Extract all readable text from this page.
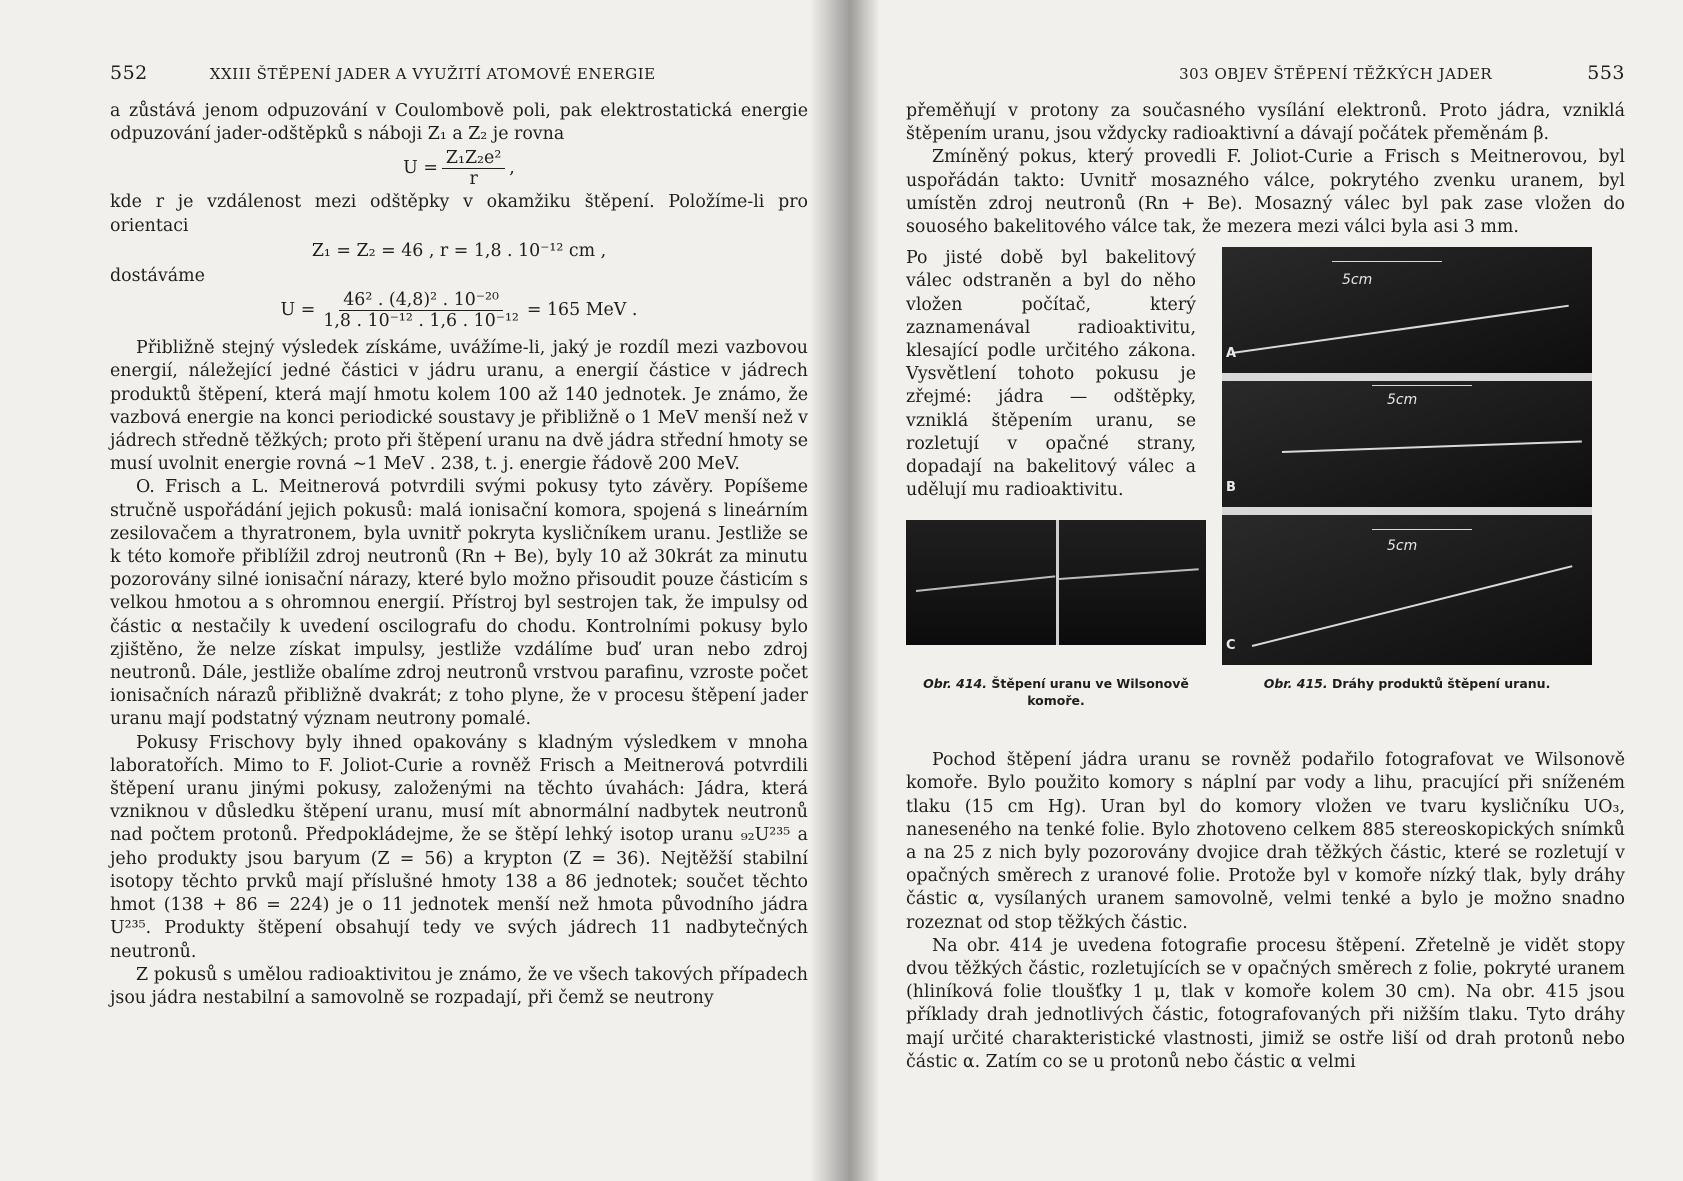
552	XXIII ŠTĚPENÍ JADER A VYUŽITÍ ATOMOVÉ ENERGIE

a zůstává jenom odpuzování v Coulombově poli, pak elektrostatická energie odpuzování jader-odštěpků s náboji Z₁ a Z₂ je rovna

$U = \frac{\text{Z₁Z₂e²}}{r}$ ,

kde r je vzdálenost mezi odštěpky v okamžiku štěpení. Položíme-li pro orientaci

Z₁ = Z₂ = 46 , r = 1,8 . 10⁻¹² cm ,

dostáváme

$U = \frac{\text{46² . (4,8)² . 10⁻²⁰}}{\text{1,8 . 10⁻¹² . 1,6 . 10⁻¹²}} = 165$ MeV .

Přibližně stejný výsledek získáme, uvážíme-li, jaký je rozdíl mezi vazbovou energií, náležející jedné částici v jádru uranu, a energií částice v jádrech produktů štěpení, která mají hmotu kolem 100 až 140 jednotek. Je známo, že vazbová energie na konci periodické soustavy je přibližně o 1 MeV menší než v jádrech středně těžkých; proto při štěpení uranu na dvě jádra střední hmoty se musí uvolnit energie rovná ~1 MeV . 238, t. j. energie řádově 200 MeV.

O. Frisch a L. Meitnerová potvrdili svými pokusy tyto závěry. Popíšeme stručně uspořádání jejich pokusů: malá ionisační komora, spojená s lineárním zesilovačem a thyratronem, byla uvnitř pokryta kysličníkem uranu. Jestliže se k této komoře přiblížil zdroj neutronů (Rn + Be), byly 10 až 30krát za minutu pozorovány silné ionisační nárazy, které bylo možno přisoudit pouze částicím s velkou hmotou a s ohromnou energií. Přístroj byl sestrojen tak, že impulsy od částic α nestačily k uvedení oscilografu do chodu. Kontrolními pokusy bylo zjištěno, že nelze získat impulsy, jestliže vzdálíme buď uran nebo zdroj neutronů. Dále, jestliže obalíme zdroj neutronů vrstvou parafinu, vzroste počet ionisačních nárazů přibližně dvakrát; z toho plyne, že v procesu štěpení jader uranu mají podstatný význam neutrony pomalé.

Pokusy Frischovy byly ihned opakovány s kladným výsledkem v mnoha laboratořích. Mimo to F. Joliot-Curie a rovněž Frisch a Meitnerová potvrdili štěpení uranu jinými pokusy, založenými na těchto úvahách: Jádra, která vzniknou v důsledku štěpení uranu, musí mít abnormální nadbytek neutronů nad počtem protonů. Předpokládejme, že se štěpí lehký isotop uranu ₉₂U²³⁵ a jeho produkty jsou baryum (Z = 56) a krypton (Z = 36). Nejtěžší stabilní isotopy těchto prvků mají příslušné hmoty 138 a 86 jednotek; součet těchto hmot (138 + 86 = 224) je o 11 jednotek menší než hmota původního jádra U²³⁵. Produkty štěpení obsahují tedy ve svých jádrech 11 nadbytečných neutronů.

Z pokusů s umělou radioaktivitou je známo, že ve všech takových případech jsou jádra nestabilní a samovolně se rozpadají, při čemž se neutrony

303 OBJEV ŠTĚPENÍ TĚŽKÝCH JADER	553

přeměňují v protony za současného vysílání elektronů. Proto jádra, vzniklá štěpením uranu, jsou vždycky radioaktivní a dávají počátek přeměnám β.

Zmíněný pokus, který provedli F. Joliot-Curie a Frisch s Meitnerovou, byl uspořádán takto: Uvnitř mosazného válce, pokrytého zvenku uranem, byl umístěn zdroj neutronů (Rn + Be). Mosazný válec byl pak zase vložen do souosého bakelitového válce tak, že mezera mezi válci byla asi 3 mm.

Po jisté době byl bakelitový válec odstraněn a byl do něho vložen počítač, který zaznamenával radioaktivitu, klesající podle určitého zákona. Vysvětlení tohoto pokusu je zřejmé: jádra — odštěpky, vzniklá štěpením uranu, se rozletují v opačné strany, dopadají na bakelitový válec a udělují mu radioaktivitu.
5cm
A
5cm
B
5cm
C
Obr. 414. Štěpení uranu ve Wilsonově komoře.
Obr. 415. Dráhy produktů štěpení uranu.

Pochod štěpení jádra uranu se rovněž podařilo fotografovat ve Wilsonově komoře. Bylo použito komory s náplní par vody a lihu, pracující při sníženém tlaku (15 cm Hg). Uran byl do komory vložen ve tvaru kysličníku UO₃, naneseného na tenké folie. Bylo zhotoveno celkem 885 stereoskopických snímků a na 25 z nich byly pozorovány dvojice drah těžkých částic, které se rozletují v opačných směrech z uranové folie. Protože byl v komoře nízký tlak, byly dráhy částic α, vysílaných uranem samovolně, velmi tenké a bylo je možno snadno rozeznat od stop těžkých částic.

Na obr. 414 je uvedena fotografie procesu štěpení. Zřetelně je vidět stopy dvou těžkých částic, rozletujících se v opačných směrech z folie, pokryté uranem (hliníková folie tloušťky 1 μ, tlak v komoře kolem 30 cm). Na obr. 415 jsou příklady drah jednotlivých částic, fotografovaných při nižším tlaku. Tyto dráhy mají určité charakteristické vlastnosti, jimiž se ostře liší od drah protonů nebo částic α. Zatím co se u protonů nebo částic α velmi
